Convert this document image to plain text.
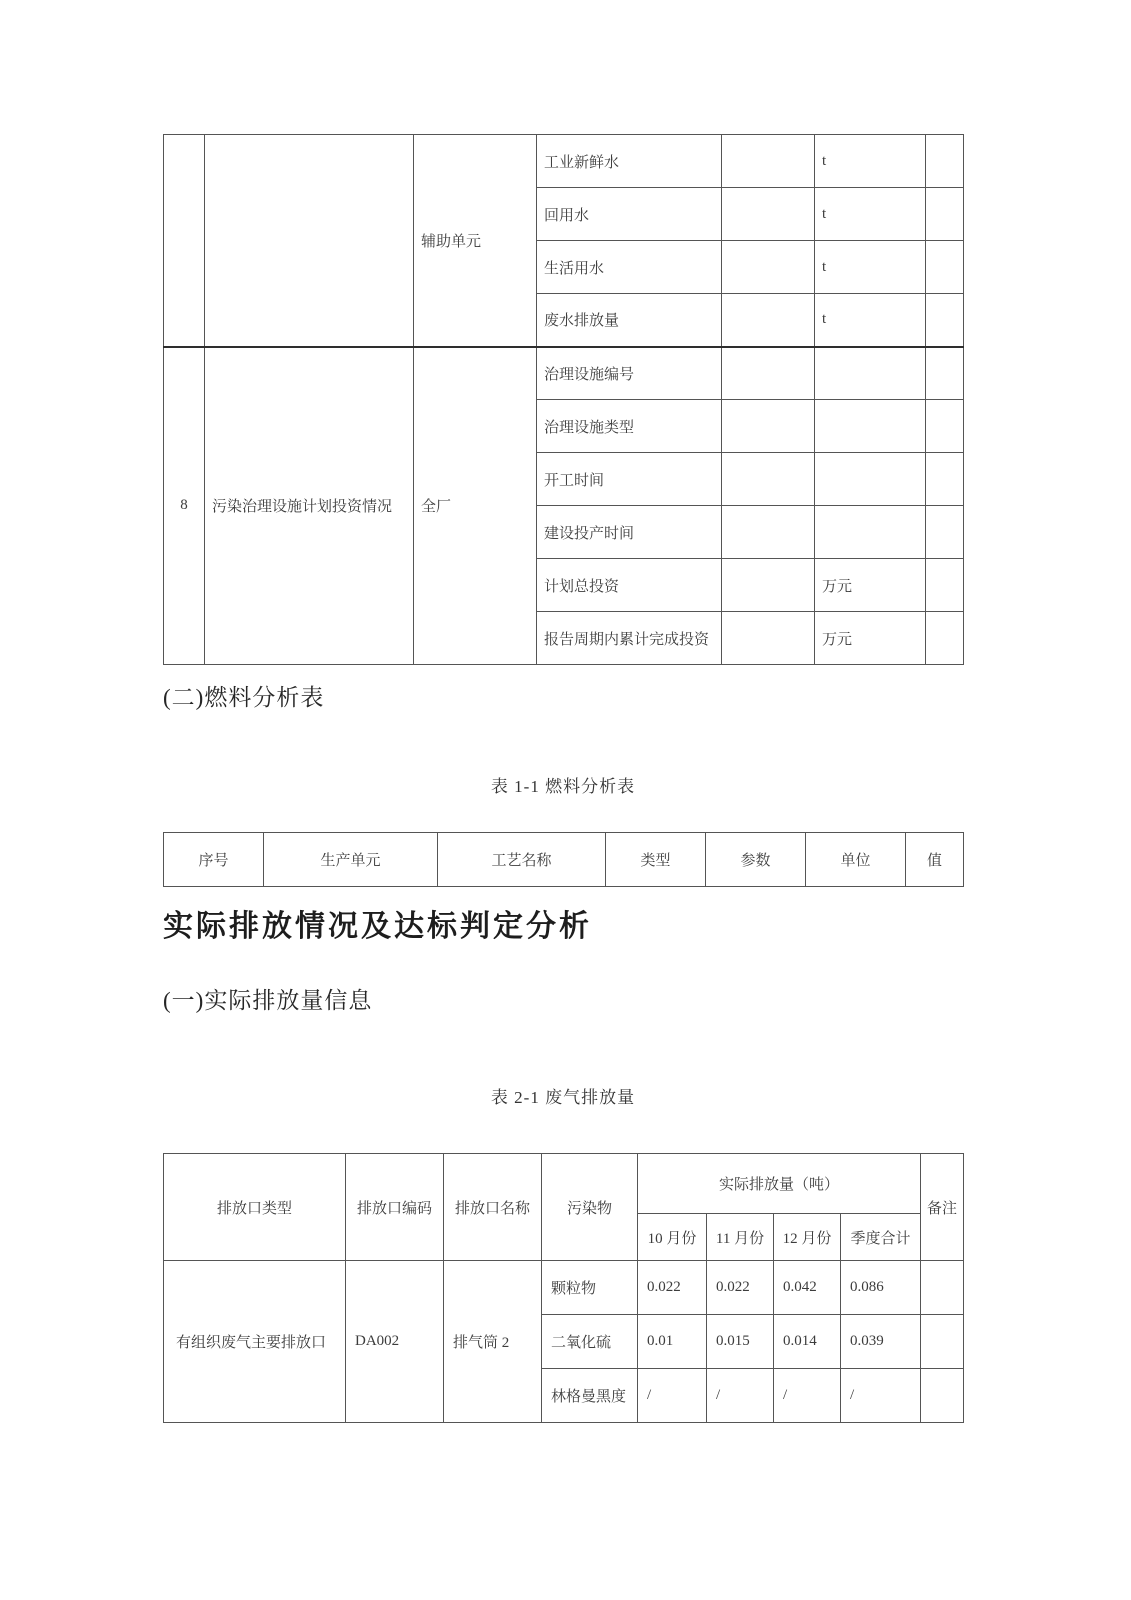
		辅助单元	工业新鲜水		t	
			回用水		t	
			生活用水		t	
			废水排放量		t	
8	污染治理设施计划投资情况	全厂	治理设施编号			
			治理设施类型			
			开工时间			
			建设投产时间			
			计划总投资		万元	
			报告周期内累计完成投资		万元	
(二)燃料分析表
表 1-1 燃料分析表
序号	生产单元	工艺名称	类型	参数	单位	值
实际排放情况及达标判定分析
(一)实际排放量信息
表 2-1 废气排放量
排放口类型	排放口编码	排放口名称	污染物	实际排放量（吨）				备注
				10 月份	11 月份	12 月份	季度合计	
有组织废气主要排放口	DA002	排气筒 2	颗粒物	0.022	0.022	0.042	0.086	
			二氧化硫	0.01	0.015	0.014	0.039	
			林格曼黑度	/	/	/	/	
